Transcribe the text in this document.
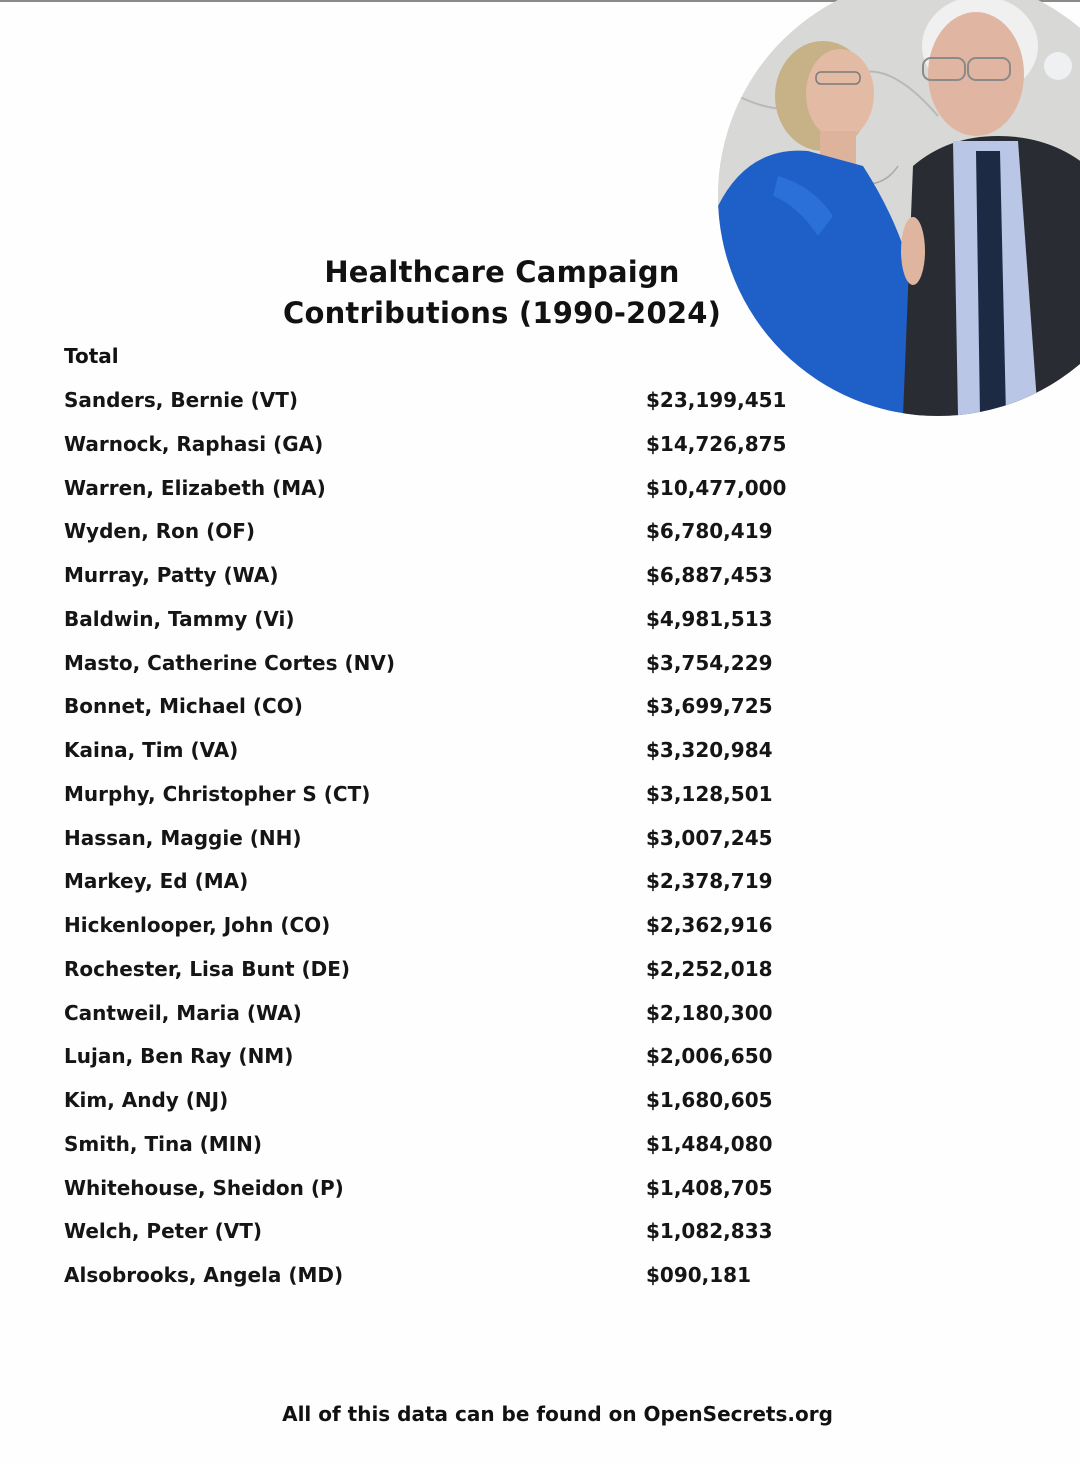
Healthcare Campaign
Contributions (1990-2024)
Total
Sanders, Bernie (VT)	$23,199,451
Warnock, Raphasi (GA)	$14,726,875
Warren, Elizabeth (MA)	$10,477,000
Wyden, Ron (OF)	$6,780,419
Murray, Patty (WA)	$6,887,453
Baldwin, Tammy (Vi)	$4,981,513
Masto, Catherine Cortes (NV)	$3,754,229
Bonnet, Michael (CO)	$3,699,725
Kaina, Tim (VA)	$3,320,984
Murphy, Christopher S (CT)	$3,128,501
Hassan, Maggie (NH)	$3,007,245
Markey, Ed (MA)	$2,378,719
Hickenlooper, John (CO)	$2,362,916
Rochester, Lisa Bunt (DE)	$2,252,018
Cantweil, Maria (WA)	$2,180,300
Lujan, Ben Ray (NM)	$2,006,650
Kim, Andy (NJ)	$1,680,605
Smith, Tina (MIN)	$1,484,080
Whitehouse, Sheidon (P)	$1,408,705
Welch, Peter (VT)	$1,082,833
Alsobrooks, Angela (MD)	$090,181
All of this data can be found on OpenSecrets.org
